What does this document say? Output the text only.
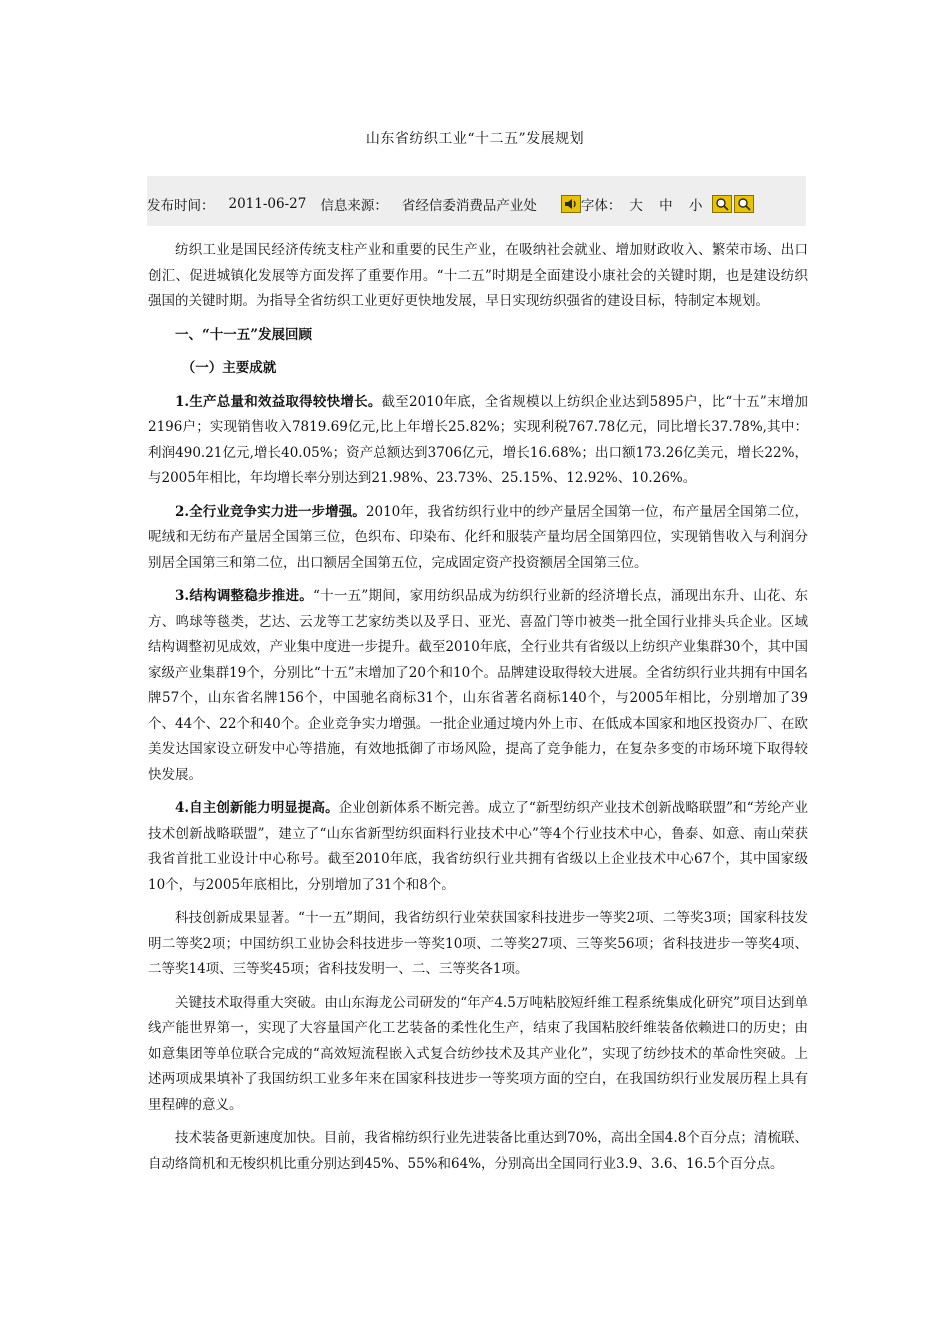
山东省纺织工业“十二五”发展规划
发布时间： 2011-06-27 信息来源： 省经信委消费品产业处	字体： 大 中 小

纺织工业是国民经济传统支柱产业和重要的民生产业，在吸纳社会就业、增加财政收入、繁荣市场、出口创汇、促进城镇化发展等方面发挥了重要作用。“十二五”时期是全面建设小康社会的关键时期，也是建设纺织强国的关键时期。为指导全省纺织工业更好更快地发展，早日实现纺织强省的建设目标，特制定本规划。

一、“十一五”发展回顾
（一）主要成就

1.生产总量和效益取得较快增长。截至2010年底，全省规模以上纺织企业达到5895户，比“十五”末增加2196户；实现销售收入7819.69亿元,比上年增长25.82%；实现利税767.78亿元，同比增长37.78%,其中：利润490.21亿元,增长40.05%；资产总额达到3706亿元，增长16.68%；出口额173.26亿美元，增长22%，与2005年相比，年均增长率分别达到21.98%、23.73%、25.15%、12.92%、10.26%。

2.全行业竞争实力进一步增强。2010年，我省纺织行业中的纱产量居全国第一位，布产量居全国第二位，呢绒和无纺布产量居全国第三位，色织布、印染布、化纤和服装产量均居全国第四位，实现销售收入与利润分别居全国第三和第二位，出口额居全国第五位，完成固定资产投资额居全国第三位。

3.结构调整稳步推进。“十一五”期间，家用纺织品成为纺织行业新的经济增长点，涌现出东升、山花、东方、鸣球等毯类，艺达、云龙等工艺家纺类以及孚日、亚光、喜盈门等巾被类一批全国行业排头兵企业。区域结构调整初见成效，产业集中度进一步提升。截至2010年底，全行业共有省级以上纺织产业集群30个，其中国家级产业集群19个，分别比“十五”末增加了20个和10个。品牌建设取得较大进展。全省纺织行业共拥有中国名牌57个，山东省名牌156个，中国驰名商标31个，山东省著名商标140个，与2005年相比，分别增加了39个、44个、22个和40个。企业竞争实力增强。一批企业通过境内外上市、在低成本国家和地区投资办厂、在欧美发达国家设立研发中心等措施，有效地抵御了市场风险，提高了竞争能力，在复杂多变的市场环境下取得较快发展。

4.自主创新能力明显提高。企业创新体系不断完善。成立了“新型纺织产业技术创新战略联盟”和“芳纶产业技术创新战略联盟”，建立了“山东省新型纺织面料行业技术中心”等4个行业技术中心，鲁泰、如意、南山荣获我省首批工业设计中心称号。截至2010年底，我省纺织行业共拥有省级以上企业技术中心67个，其中国家级10个，与2005年底相比，分别增加了31个和8个。

科技创新成果显著。“十一五”期间，我省纺织行业荣获国家科技进步一等奖2项、二等奖3项；国家科技发明二等奖2项；中国纺织工业协会科技进步一等奖10项、二等奖27项、三等奖56项；省科技进步一等奖4项、二等奖14项、三等奖45项；省科技发明一、二、三等奖各1项。

关键技术取得重大突破。由山东海龙公司研发的“年产4.5万吨粘胶短纤维工程系统集成化研究”项目达到单线产能世界第一，实现了大容量国产化工艺装备的柔性化生产，结束了我国粘胶纤维装备依赖进口的历史；由如意集团等单位联合完成的“高效短流程嵌入式复合纺纱技术及其产业化”，实现了纺纱技术的革命性突破。上述两项成果填补了我国纺织工业多年来在国家科技进步一等奖项方面的空白，在我国纺织行业发展历程上具有里程碑的意义。

技术装备更新速度加快。目前，我省棉纺织行业先进装备比重达到70%，高出全国4.8个百分点；清梳联、自动络筒机和无梭织机比重分别达到45%、55%和64%，分别高出全国同行业3.9、3.6、16.5个百分点。
